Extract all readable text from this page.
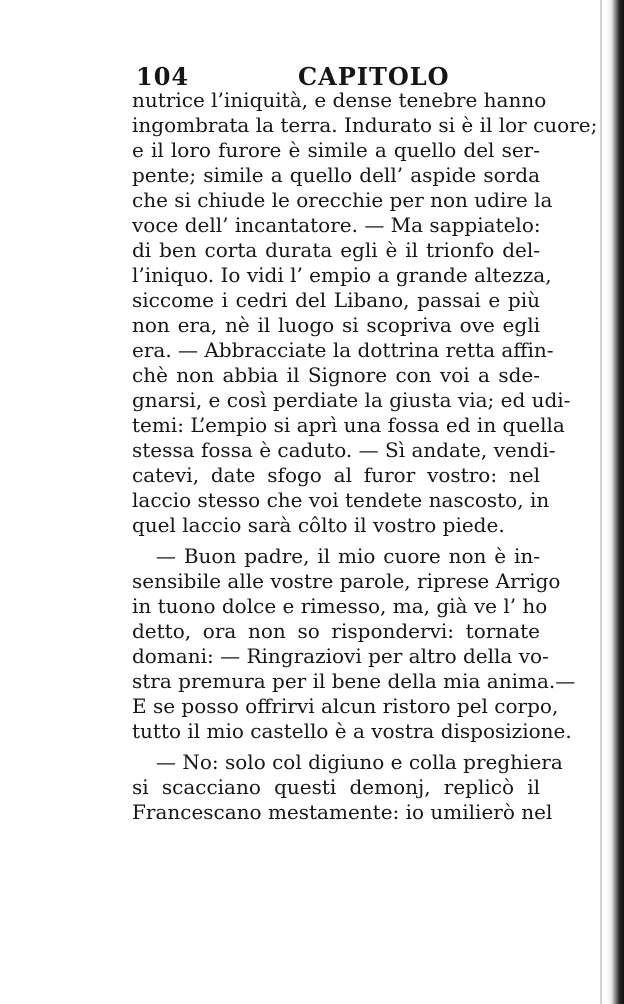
104	CAPITOLO
nutrice l’iniquità, e dense tenebre hanno
ingombrata la terra. Indurato si è il lor cuore;
e il loro furore è simile a quello del ser-
pente; simile a quello dell’ aspide sorda
che si chiude le orecchie per non udire la
voce dell’ incantatore. — Ma sappiatelo:
di ben corta durata egli è il trionfo del-
l’iniquo. Io vidi l’ empio a grande altezza,
siccome i cedri del Libano, passai e più
non era, nè il luogo si scopriva ove egli
era. — Abbracciate la dottrina retta affin-
chè non abbia il Signore con voi a sde-
gnarsi, e così perdiate la giusta via; ed udi-
temi: L’empio si aprì una fossa ed in quella
stessa fossa è caduto. — Sì andate, vendi-
catevi, date sfogo al furor vostro: nel
laccio stesso che voi tendete nascosto, in
quel laccio sarà côlto il vostro piede.
— Buon padre, il mio cuore non è in-
sensibile alle vostre parole, riprese Arrigo
in tuono dolce e rimesso, ma, già ve l’ ho
detto, ora non so rispondervi: tornate
domani: — Ringraziovi per altro della vo-
stra premura per il bene della mia anima.—
E se posso offrirvi alcun ristoro pel corpo,
tutto il mio castello è a vostra disposizione.
— No: solo col digiuno e colla preghiera
si scacciano questi demonj, replicò il
Francescano mestamente: io umilierò nel
